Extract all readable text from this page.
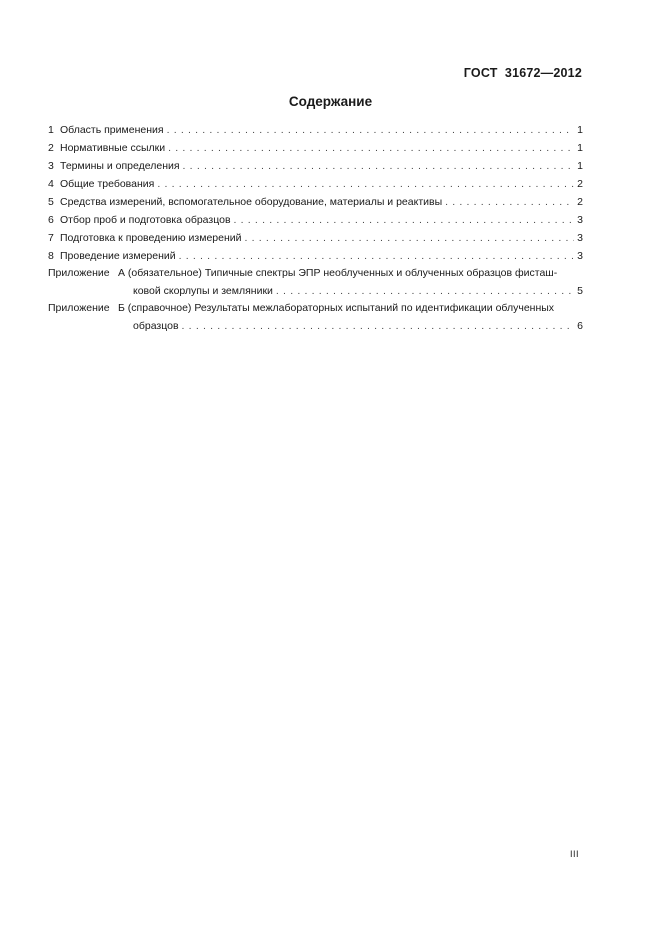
ГОСТ  31672—2012
Содержание
1 Область применения . . .	1
2 Нормативные ссылки . . .	1
3 Термины и определения . . .	1
4 Общие требования . . .	2
5 Средства измерений, вспомогательное оборудование, материалы и реактивы . . .	2
6 Отбор проб и подготовка образцов . . .	3
7 Подготовка к проведению измерений . . .	3
8 Проведение измерений . . .	3
Приложение А (обязательное) Типичные спектры ЭПР необлученных и облученных образцов фисташ-
ковой скорлупы и земляники . . .	5
Приложение Б (справочное) Результаты межлабораторных испытаний по идентификации облученных
образцов . . .	6
III
